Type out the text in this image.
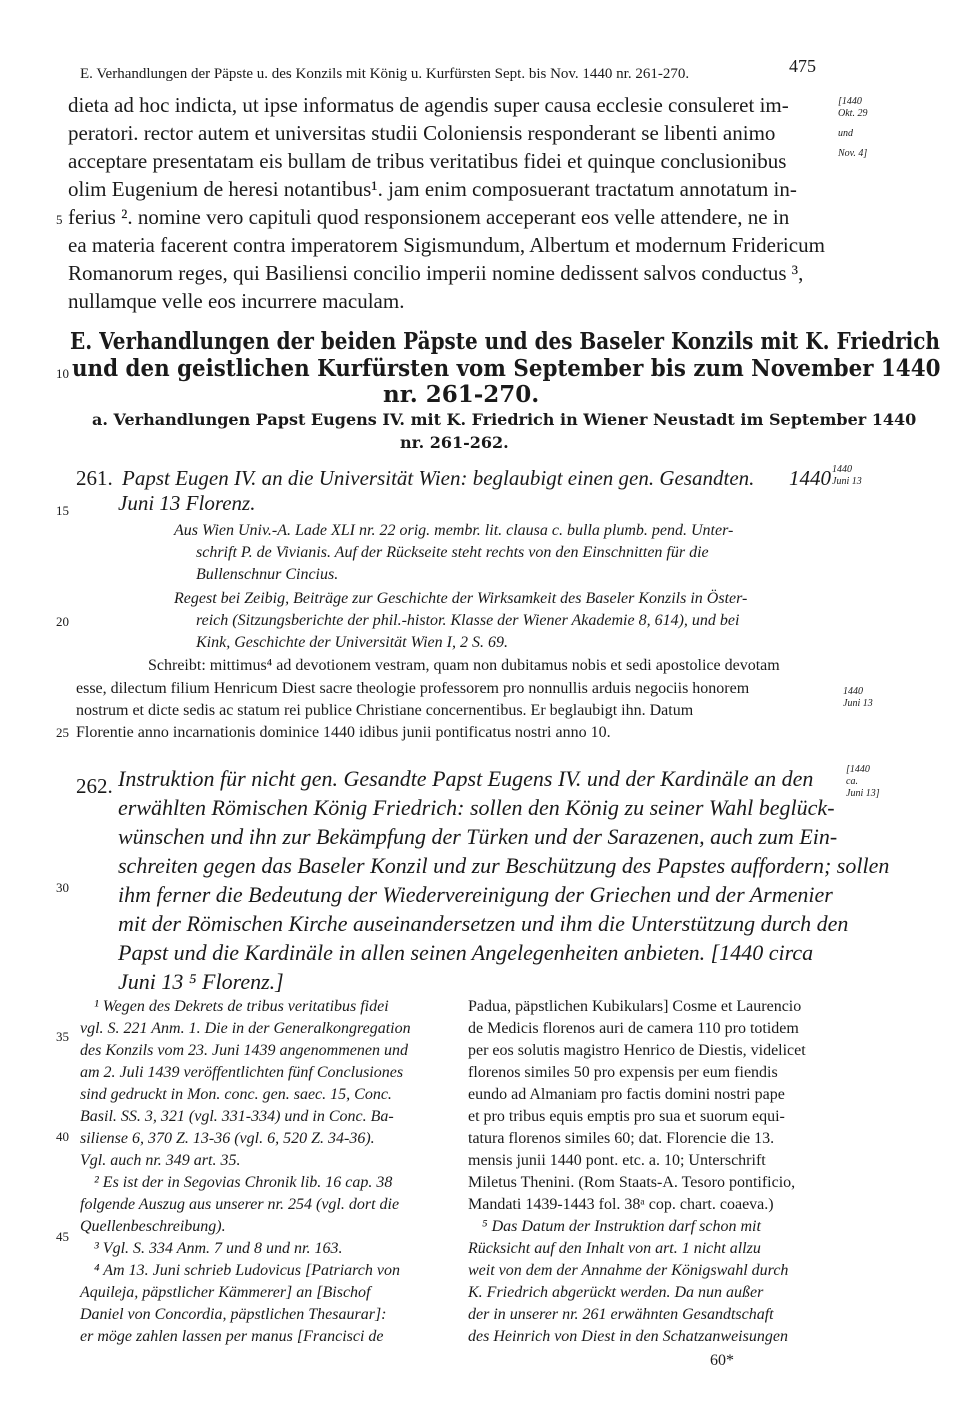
E. Verhandlungen der Päpste u. des Konzils mit König u. Kurfürsten Sept. bis Nov. 1440 nr. 261-270.	475
dieta ad hoc indicta, ut ipse informatus de agendis super causa ecclesie consuleret im-
peratori. rector autem et universitas studii Coloniensis responderant se libenti animo
acceptare presentatam eis bullam de tribus veritatibus fidei et quinque conclusionibus
olim Eugenium de heresi notantibus¹. jam enim composuerant tractatum annotatum in-
ferius ². nomine vero capituli quod responsionem acceperant eos velle attendere, ne in
ea materia facerent contra imperatorem Sigismundum, Albertum et modernum Fridericum
Romanorum reges, qui Basiliensi concilio imperii nomine dedissent salvos conductus ³,
nullamque velle eos incurrere maculam.
[1440
Okt. 29
und
Nov. 4]
5
10
15
20
25
30
35
40
45
E. Verhandlungen der beiden Päpste und des Baseler Konzils mit K. Friedrich
und den geistlichen Kurfürsten vom September bis zum November 1440
nr. 261-270.
a. Verhandlungen Papst Eugens IV. mit K. Friedrich in Wiener Neustadt im September 1440
nr. 261-262.
261. Papst Eugen IV. an die Universität Wien: beglaubigt einen gen. Gesandten.
Juni 13 Florenz.
1440 1440
Juni 13
Aus Wien Univ.-A. Lade XLI nr. 22 orig. membr. lit. clausa c. bulla plumb. pend. Unter-
schrift P. de Vivianis. Auf der Rückseite steht rechts von den Einschnitten für die
Bullenschnur Cincius.
Regest bei Zeibig, Beiträge zur Geschichte der Wirksamkeit des Baseler Konzils in Öster-
reich (Sitzungsberichte der phil.-histor. Klasse der Wiener Akademie 8, 614), und bei
Kink, Geschichte der Universität Wien I, 2 S. 69.
Schreibt: mittimus⁴ ad devotionem vestram, quam non dubitamus nobis et sedi apostolice devotam
esse, dilectum filium Henricum Diest sacre theologie professorem pro nonnullis arduis negociis honorem
nostrum et dicte sedis ac statum rei publice Christiane concernentibus. Er beglaubigt ihn. Datum
Florentie anno incarnationis dominice 1440 idibus junii pontificatus nostri anno 10.
1440
Juni 13
262. Instruktion für nicht gen. Gesandte Papst Eugens IV. und der Kardinäle an den
erwählten Römischen König Friedrich: sollen den König zu seiner Wahl beglück-
wünschen und ihn zur Bekämpfung der Türken und der Sarazenen, auch zum Ein-
schreiten gegen das Baseler Konzil und zur Beschützung des Papstes auffordern; sollen
ihm ferner die Bedeutung der Wiedervereinigung der Griechen und der Armenier
mit der Römischen Kirche auseinandersetzen und ihm die Unterstützung durch den
Papst und die Kardinäle in allen seinen Angelegenheiten anbieten. [1440 circa
Juni 13 ⁵ Florenz.]
[1440
ca.
Juni 13]
¹ Wegen des Dekrets de tribus veritatibus fidei
vgl. S. 221 Anm. 1. Die in der Generalkongregation
des Konzils vom 23. Juni 1439 angenommenen und
am 2. Juli 1439 veröffentlichten fünf Conclusiones
sind gedruckt in Mon. conc. gen. saec. 15, Conc.
Basil. SS. 3, 321 (vgl. 331-334) und in Conc. Ba-
siliense 6, 370 Z. 13-36 (vgl. 6, 520 Z. 34-36).
Vgl. auch nr. 349 art. 35.
² Es ist der in Segovias Chronik lib. 16 cap. 38
folgende Auszug aus unserer nr. 254 (vgl. dort die
Quellenbeschreibung).
³ Vgl. S. 334 Anm. 7 und 8 und nr. 163.
⁴ Am 13. Juni schrieb Ludovicus [Patriarch von
Aquileja, päpstlicher Kämmerer] an [Bischof
Daniel von Concordia, päpstlichen Thesaurar]:
er möge zahlen lassen per manus [Francisci de
Padua, päpstlichen Kubikulars] Cosme et Laurencio
de Medicis florenos auri de camera 110 pro totidem
per eos solutis magistro Henrico de Diestis, videlicet
florenos similes 50 pro expensis per eum fiendis
eundo ad Almaniam pro factis domini nostri pape
et pro tribus equis emptis pro sua et suorum equi-
tatura florenos similes 60; dat. Florencie die 13.
mensis junii 1440 pont. etc. a. 10; Unterschrift
Miletus Thenini. (Rom Staats-A. Tesoro pontificio,
Mandati 1439-1443 fol. 38ᵃ cop. chart. coaeva.)
⁵ Das Datum der Instruktion darf schon mit
Rücksicht auf den Inhalt von art. 1 nicht allzu
weit von dem der Annahme der Königswahl durch
K. Friedrich abgerückt werden. Da nun außer
der in unserer nr. 261 erwähnten Gesandtschaft
des Heinrich von Diest in den Schatzanweisungen
60*
